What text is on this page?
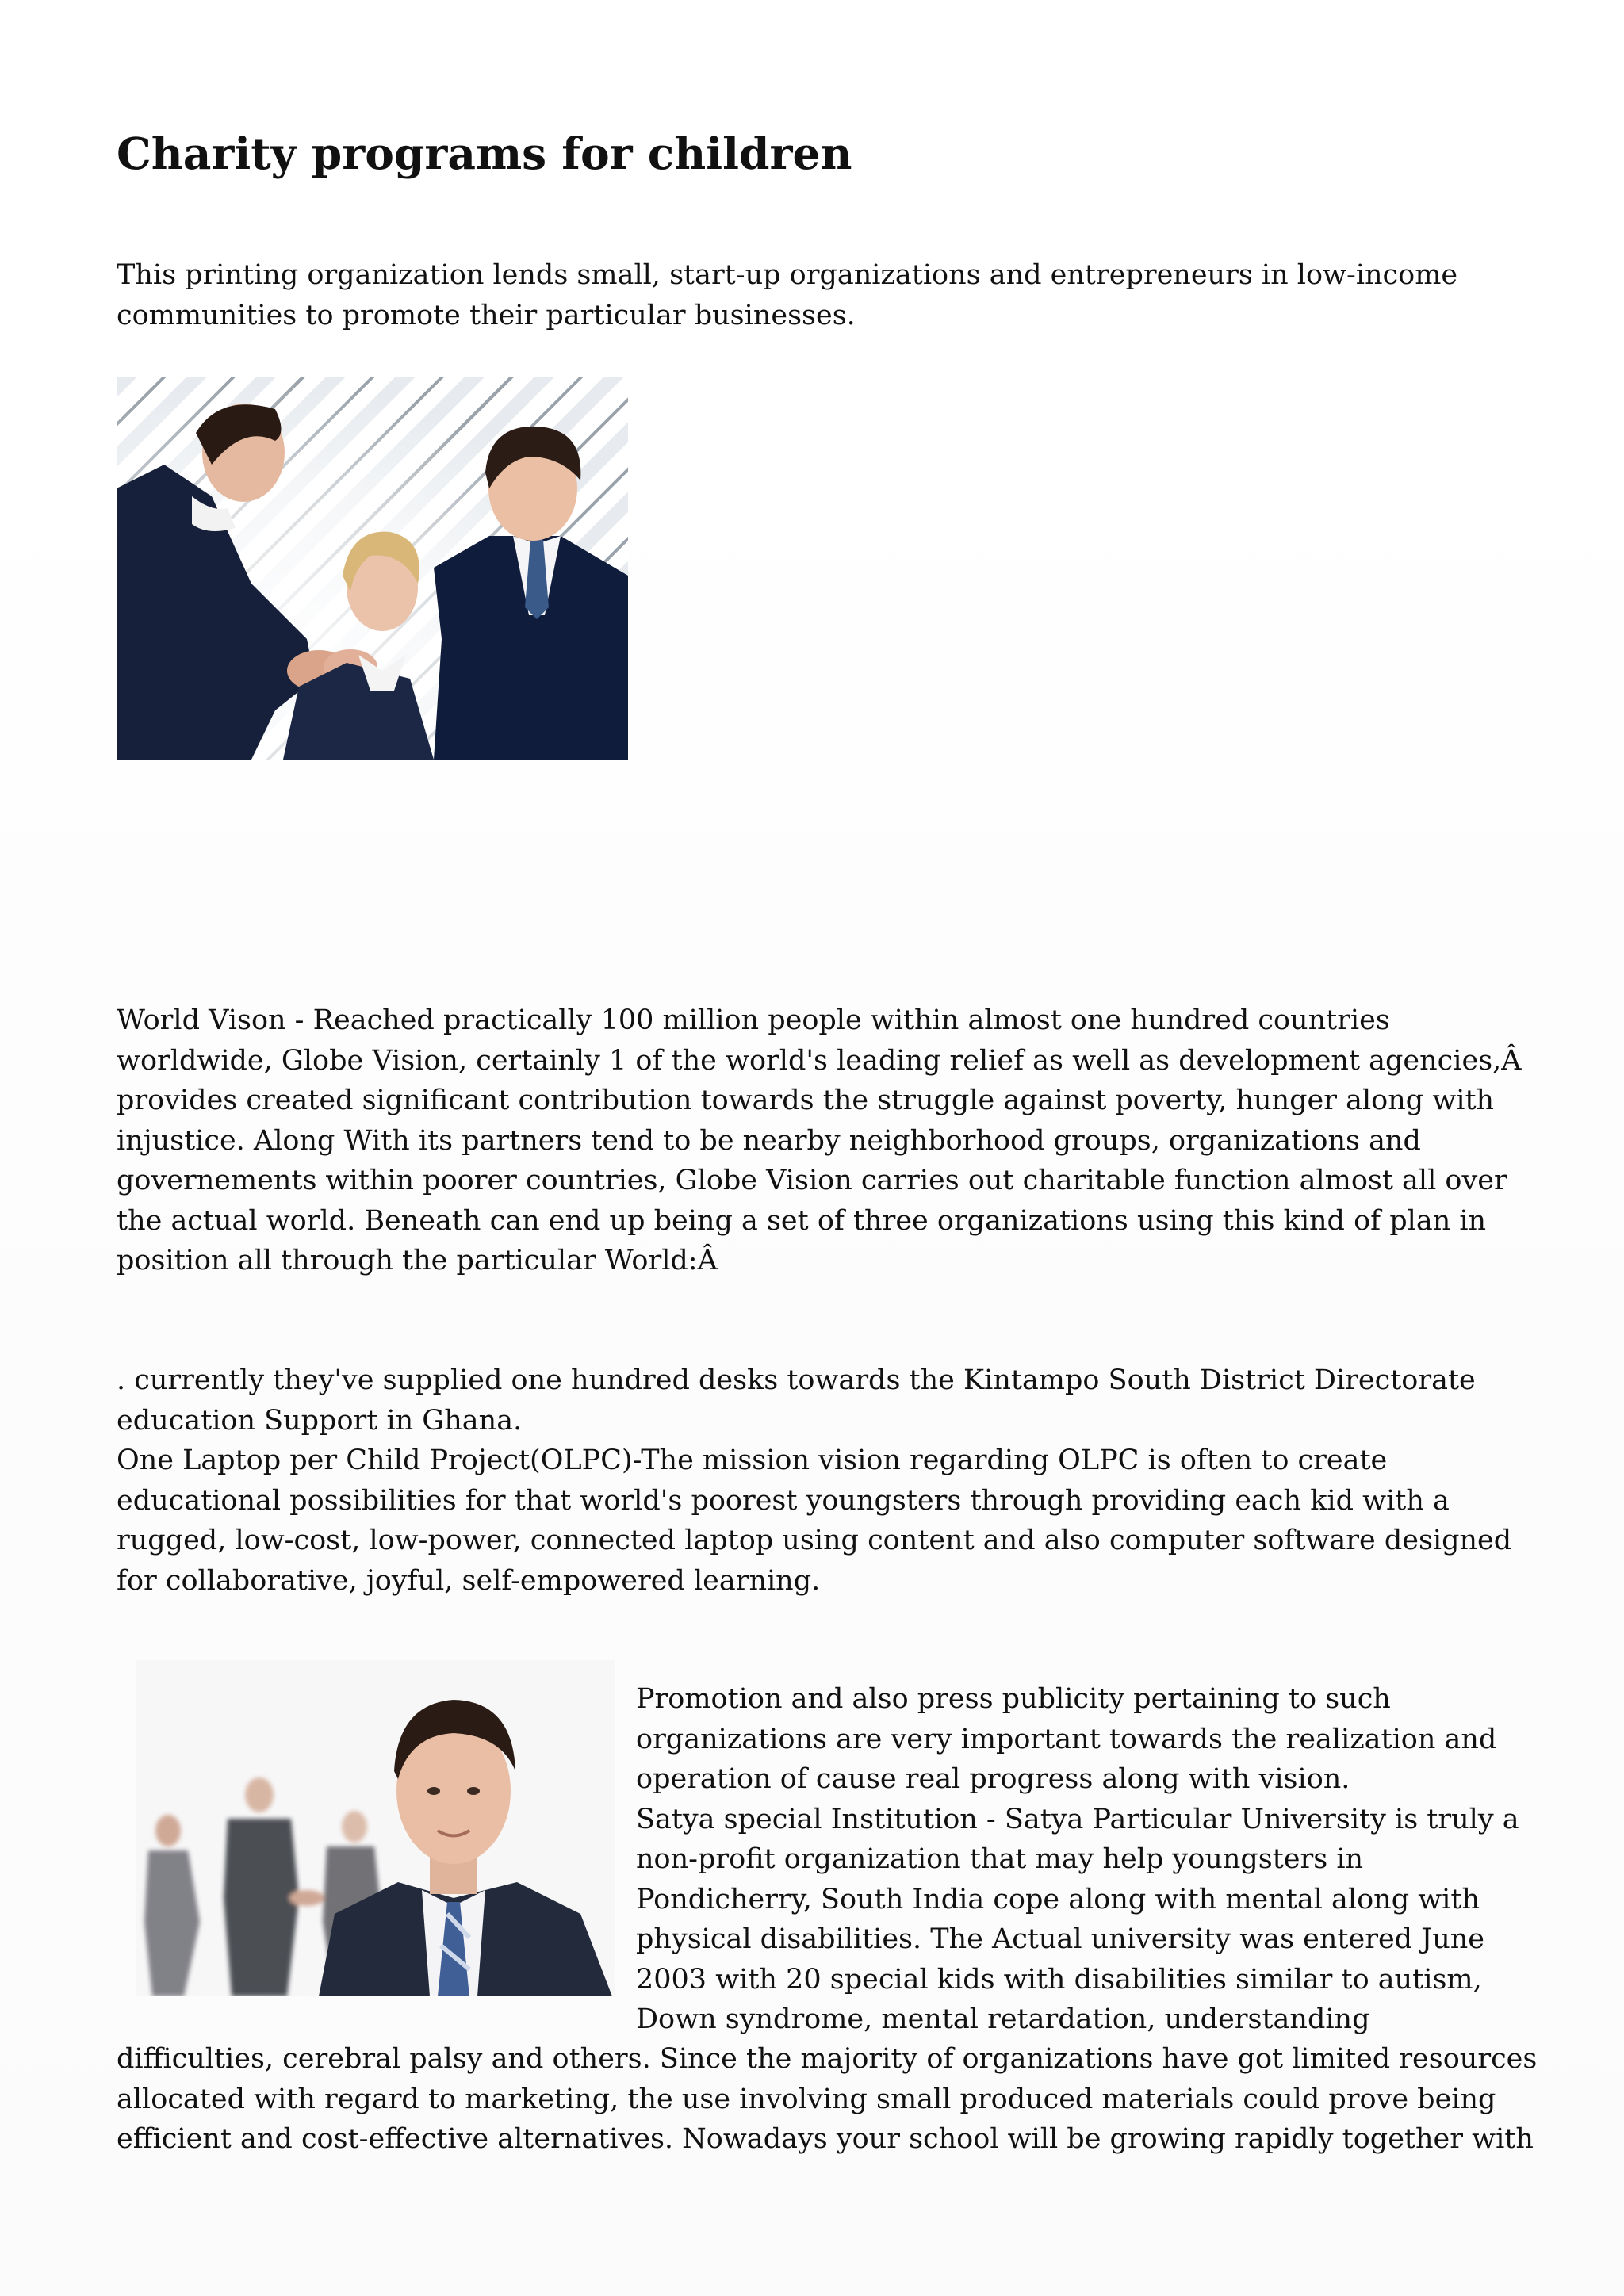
Charity programs for children

This printing organization lends small, start-up organizations and entrepreneurs in low-income
communities to promote their particular businesses.

World Vison - Reached practically 100 million people within almost one hundred countries
worldwide, Globe Vision, certainly 1 of the world's leading relief as well as development agencies,Â
provides created significant contribution towards the struggle against poverty, hunger along with
injustice. Along With its partners tend to be nearby neighborhood groups, organizations and
governements within poorer countries, Globe Vision carries out charitable function almost all over
the actual world. Beneath can end up being a set of three organizations using this kind of plan in
position all through the particular World:Â

. currently they've supplied one hundred desks towards the Kintampo South District Directorate
education Support in Ghana.
One Laptop per Child Project(OLPC)-The mission vision regarding OLPC is often to create
educational possibilities for that world's poorest youngsters through providing each kid with a
rugged, low-cost, low-power, connected laptop using content and also computer software designed
for collaborative, joyful, self-empowered learning.

Promotion and also press publicity pertaining to such
organizations are very important towards the realization and
operation of cause real progress along with vision.
Satya special Institution - Satya Particular University is truly a
non-profit organization that may help youngsters in
Pondicherry, South India cope along with mental along with
physical disabilities. The Actual university was entered June
2003 with 20 special kids with disabilities similar to autism,
Down syndrome, mental retardation, understanding

difficulties, cerebral palsy and others. Since the majority of organizations have got limited resources
allocated with regard to marketing, the use involving small produced materials could prove being
efficient and cost-effective alternatives. Nowadays your school will be growing rapidly together with
